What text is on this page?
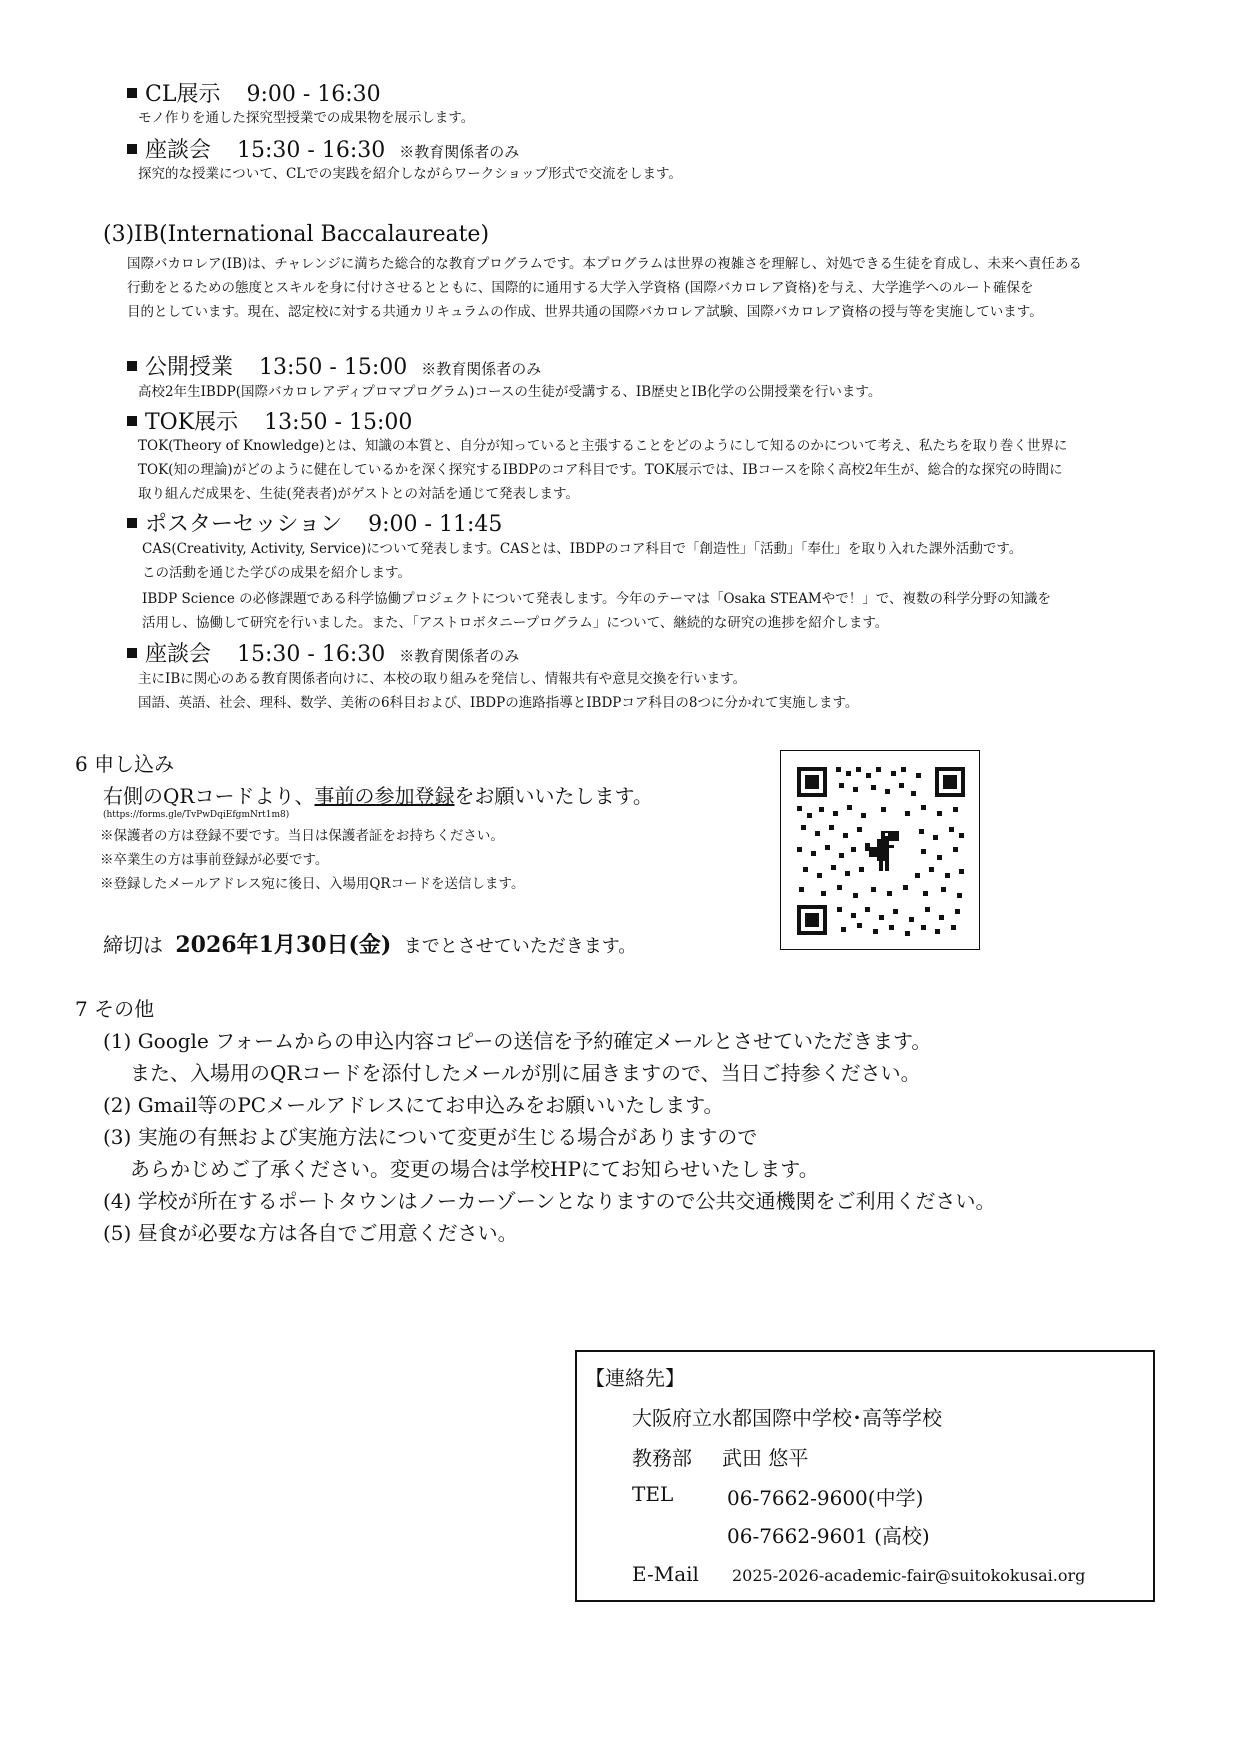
CL展示 9:00 - 16:30
モノ作りを通した探究型授業での成果物を展示します。
座談会 15:30 - 16:30 ※教育関係者のみ
探究的な授業について、CLでの実践を紹介しながらワークショップ形式で交流をします。
(3)IB(International Baccalaureate)
国際バカロレア(IB)は、チャレンジに満ちた総合的な教育プログラムです。本プログラムは世界の複雑さを理解し、対処できる生徒を育成し、未来へ責任ある
行動をとるための態度とスキルを身に付けさせるとともに、国際的に通用する大学入学資格 (国際バカロレア資格)を与え、大学進学へのルート確保を
目的としています。現在、認定校に対する共通カリキュラムの作成、世界共通の国際バカロレア試験、国際バカロレア資格の授与等を実施しています。
公開授業 13:50 - 15:00 ※教育関係者のみ
高校2年生IBDP(国際バカロレアディプロマプログラム)コースの生徒が受講する、IB歴史とIB化学の公開授業を行います。
TOK展示 13:50 - 15:00
TOK(Theory of Knowledge)とは、知識の本質と、自分が知っていると主張することをどのようにして知るのかについて考え、私たちを取り巻く世界に
TOK(知の理論)がどのように健在しているかを深く探究するIBDPのコア科目です。TOK展示では、IBコースを除く高校2年生が、総合的な探究の時間に
取り組んだ成果を、生徒(発表者)がゲストとの対話を通じて発表します。
ポスターセッション 9:00 - 11:45
CAS(Creativity, Activity, Service)について発表します。CASとは、IBDPのコア科目で「創造性」「活動」「奉仕」を取り入れた課外活動です。
この活動を通じた学びの成果を紹介します。
IBDP Science の必修課題である科学協働プロジェクトについて発表します。今年のテーマは「Osaka STEAMやで！」で、複数の科学分野の知識を
活用し、協働して研究を行いました。また、「アストロボタニープログラム」について、継続的な研究の進捗を紹介します。
座談会 15:30 - 16:30 ※教育関係者のみ
主にIBに関心のある教育関係者向けに、本校の取り組みを発信し、情報共有や意見交換を行います。
国語、英語、社会、理科、数学、美術の6科目および、IBDPの進路指導とIBDPコア科目の8つに分かれて実施します。
6 申し込み
右側のQRコードより、事前の参加登録をお願いいたします。
(https://forms.gle/TvPwDqiEfgmNrt1m8)
※保護者の方は登録不要です。当日は保護者証をお持ちください。
※卒業生の方は事前登録が必要です。
※登録したメールアドレス宛に後日、入場用QRコードを送信します。
締切は 2026年1月30日(金) までとさせていただきます。
7 その他
(1) Google フォームからの申込内容コピーの送信を予約確定メールとさせていただきます。
また、入場用のQRコードを添付したメールが別に届きますので、当日ご持参ください。
(2) Gmail等のPCメールアドレスにてお申込みをお願いいたします。
(3) 実施の有無および実施方法について変更が生じる場合がありますので
あらかじめご了承ください。変更の場合は学校HPにてお知らせいたします。
(4) 学校が所在するポートタウンはノーカーゾーンとなりますので公共交通機関をご利用ください。
(5) 昼食が必要な方は各自でご用意ください。
【連絡先】
大阪府立水都国際中学校･高等学校
教務部 武田 悠平
TEL	06-7662-9600(中学)
06-7662-9601 (高校)
E-Mail 2025-2026-academic-fair@suitokokusai.org
